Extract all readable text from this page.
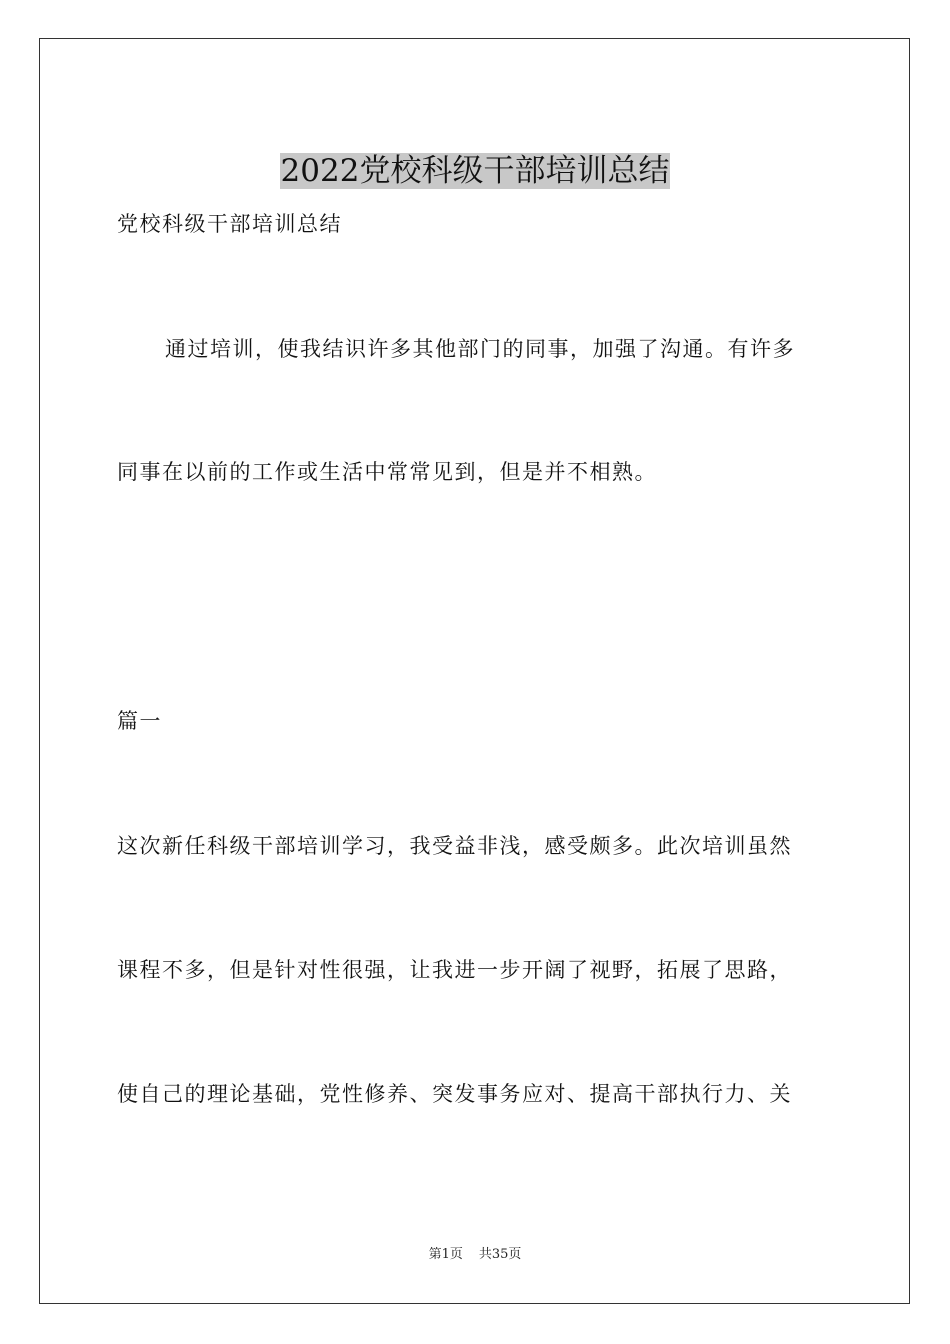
2022党校科级干部培训总结
党校科级干部培训总结
通过培训，使我结识许多其他部门的同事，加强了沟通。有许多
同事在以前的工作或生活中常常见到，但是并不相熟。
篇一
这次新任科级干部培训学习，我受益非浅，感受颇多。此次培训虽然
课程不多，但是针对性很强，让我进一步开阔了视野，拓展了思路，
使自己的理论基础，党性修养、突发事务应对、提高干部执行力、关
第1页 共35页
